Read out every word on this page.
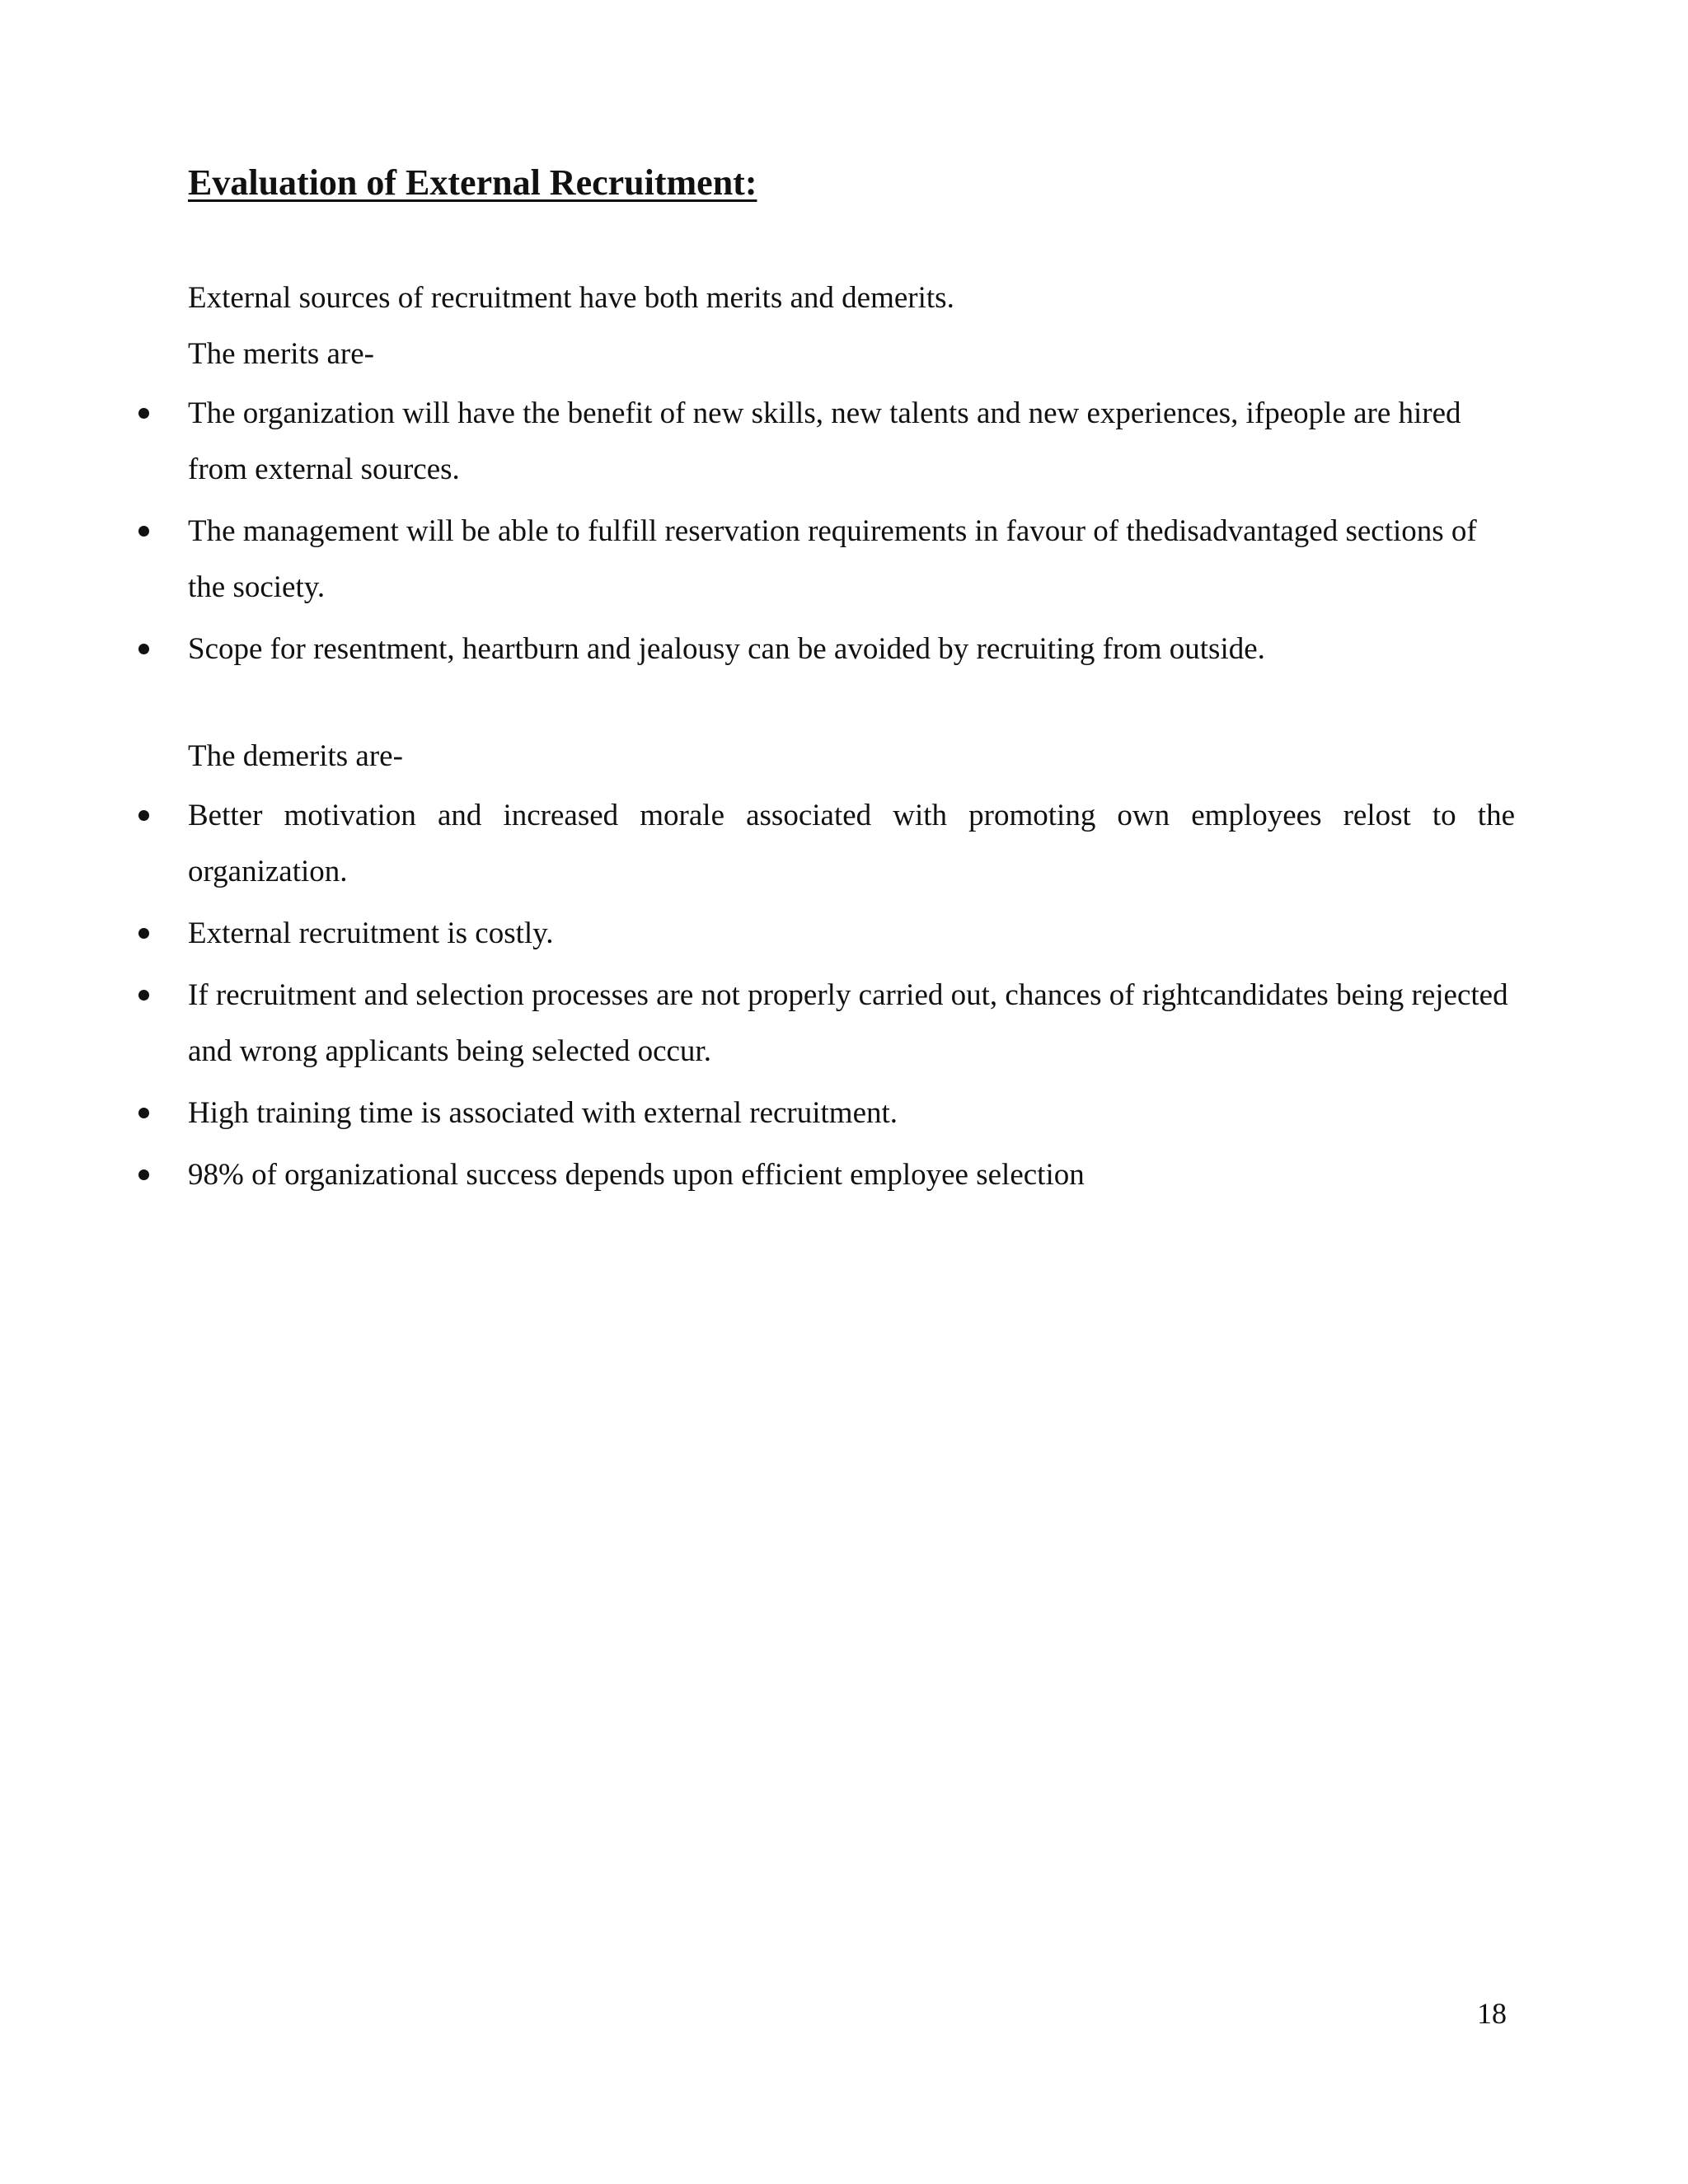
Evaluation of External Recruitment:

External sources of recruitment have both merits and demerits.

The merits are-

The organization will have the benefit of new skills, new talents and new experiences, ifpeople are hired from external sources.
The management will be able to fulfill reservation requirements in favour of thedisadvantaged sections of the society.
Scope for resentment, heartburn and jealousy can be avoided by recruiting from outside.

The demerits are-

Better motivation and increased morale associated with promoting own employees relost to the organization.
External recruitment is costly.
If recruitment and selection processes are not properly carried out, chances of rightcandidates being rejected and wrong applicants being selected occur.
High training time is associated with external recruitment.
98% of organizational success depends upon efficient employee selection

18
